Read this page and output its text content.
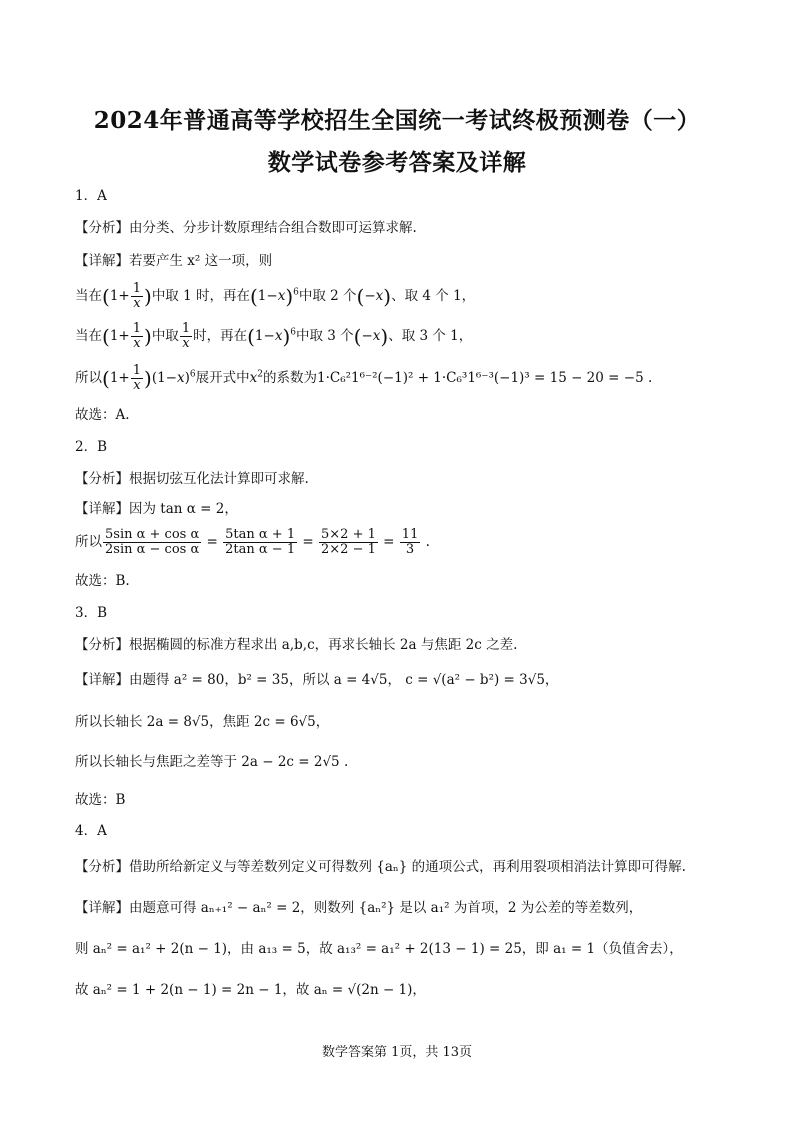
2024年普通高等学校招生全国统一考试终极预测卷（一）
数学试卷参考答案及详解
1．A
【分析】由分类、分步计数原理结合组合数即可运算求解.
【详解】若要产生 x² 这一项，则
当在($1+ \frac{1}{x}$ )中取 1 时，再在$(1-x)^6$中取 2 个(−x)、取 4 个 1，
当在($1+ \frac{1}{x}$ )中取 $\frac{1}{x}$ 时，再在$(1-x)^6$中取 3 个(−x)、取 3 个 1，
所以$(1+ \frac{1}{x} )(1-x)^6$展开式中$x^2$的系数为1·C₆²1⁶⁻²(−1)² + 1·C₆³1⁶⁻³(−1)³ = 15 − 20 = −5 .
故选：A.
2．B
【分析】根据切弦互化法计算即可求解.
【详解】因为 tan α = 2，
所以 $\frac{\text{5sin α + cos α}}{\text{2sin α − cos α}} = \frac{\text{5tan α + 1}}{\text{2tan α − 1}} = \frac{5\times 2 + 1}{2\times 2 - 1} = \frac{11}{3}$ .
故选：B.
3．B
【分析】根据椭圆的标准方程求出 a,b,c，再求长轴长 2a 与焦距 2c 之差.
【详解】由题得 a² = 80，b² = 35，所以 a = 4√5， c = √(a² − b²) = 3√5，
所以长轴长 2a = 8√5，焦距 2c = 6√5，
所以长轴长与焦距之差等于 2a − 2c = 2√5 .
故选：B
4．A
【分析】借助所给新定义与等差数列定义可得数列 {aₙ} 的通项公式，再利用裂项相消法计算即可得解.
【详解】由题意可得 aₙ₊₁² − aₙ² = 2，则数列 {aₙ²} 是以 a₁² 为首项，2 为公差的等差数列，
则 aₙ² = a₁² + 2(n − 1)，由 a₁₃ = 5，故 a₁₃² = a₁² + 2(13 − 1) = 25，即 a₁ = 1（负值舍去），
故 aₙ² = 1 + 2(n − 1) = 2n − 1，故 aₙ = √(2n − 1)，
数学答案第 1页，共 13页
